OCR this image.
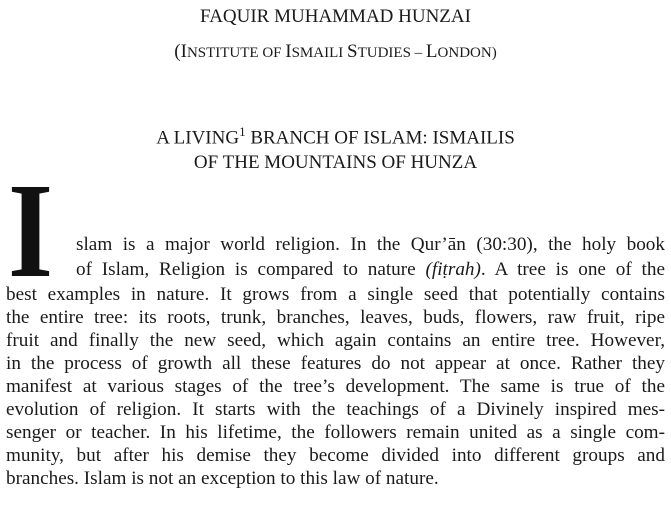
FAQUIR MUHAMMAD HUNZAI
(INSTITUTE OF ISMAILI STUDIES – LONDON)
A LIVING$^1$ BRANCH OF ISLAM: ISMAILIS
OF THE MOUNTAINS OF HUNZA
I slam is a major world religion. In the Qur’ān (30:30), the holy book
of Islam, Religion is compared to nature (fiṭrah). A tree is one of the
best examples in nature. It grows from a single seed that potentially contains
the entire tree: its roots, trunk, branches, leaves, buds, flowers, raw fruit, ripe
fruit and finally the new seed, which again contains an entire tree. However,
in the process of growth all these features do not appear at once. Rather they
manifest at various stages of the tree’s development. The same is true of the
evolution of religion. It starts with the teachings of a Divinely inspired mes-
senger or teacher. In his lifetime, the followers remain united as a single com-
munity, but after his demise they become divided into different groups and
branches. Islam is not an exception to this law of nature.
